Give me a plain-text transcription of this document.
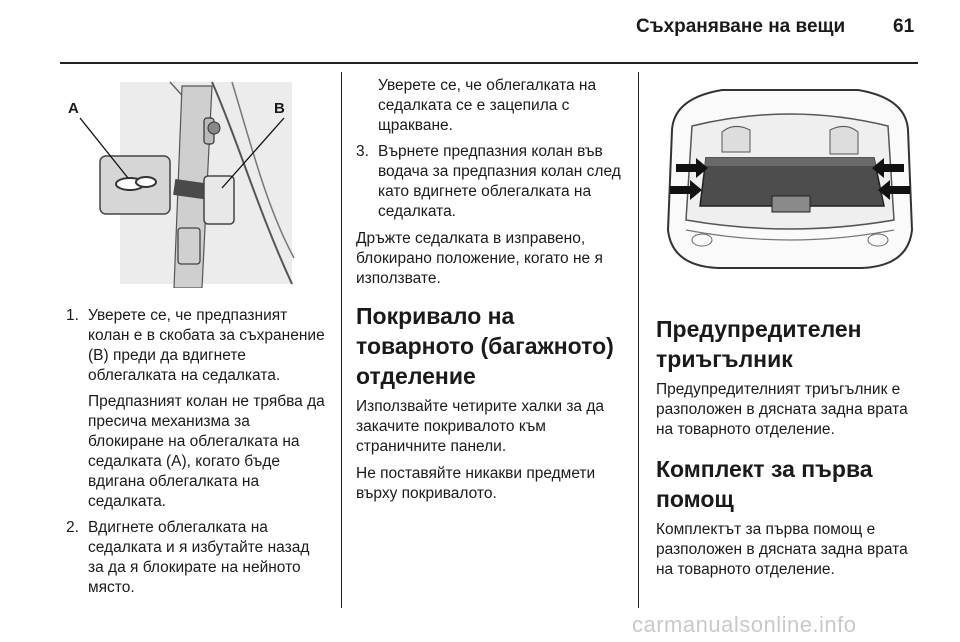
Съхраняване на вещи	61
A	B
1. Уверете се, че предпазният колан е в скобата за съхранение (B) преди да вдигнете облегалката на седалката.
Предпазният колан не трябва да пресича механизма за блокиране на облегалката на седалката (A), когато бъде вдигана облегалката на седалката.
2. Вдигнете облегалката на седалката и я избутайте назад за да я блокирате на нейното място.
Уверете се, че облегалката на седалката се е зацепила с щракване.
3. Върнете предпазния колан във водача за предпазния колан след като вдигнете облегалката на седалката.

Дръжте седалката в изправено, блокирано положение, когато не я използвате.

Покривало на товарното (багажното) отделение

Използвайте четирите халки за да закачите покривалото към страничните панели.

Не поставяйте никакви предмети върху покривалото.

Предупредителен триъгълник

Предупредителният триъгълник е разположен в дясната задна врата на товарното отделение.

Комплект за първа помощ

Комплектът за първа помощ е разположен в дясната задна врата на товарното отделение.

carmanualsonline.info
